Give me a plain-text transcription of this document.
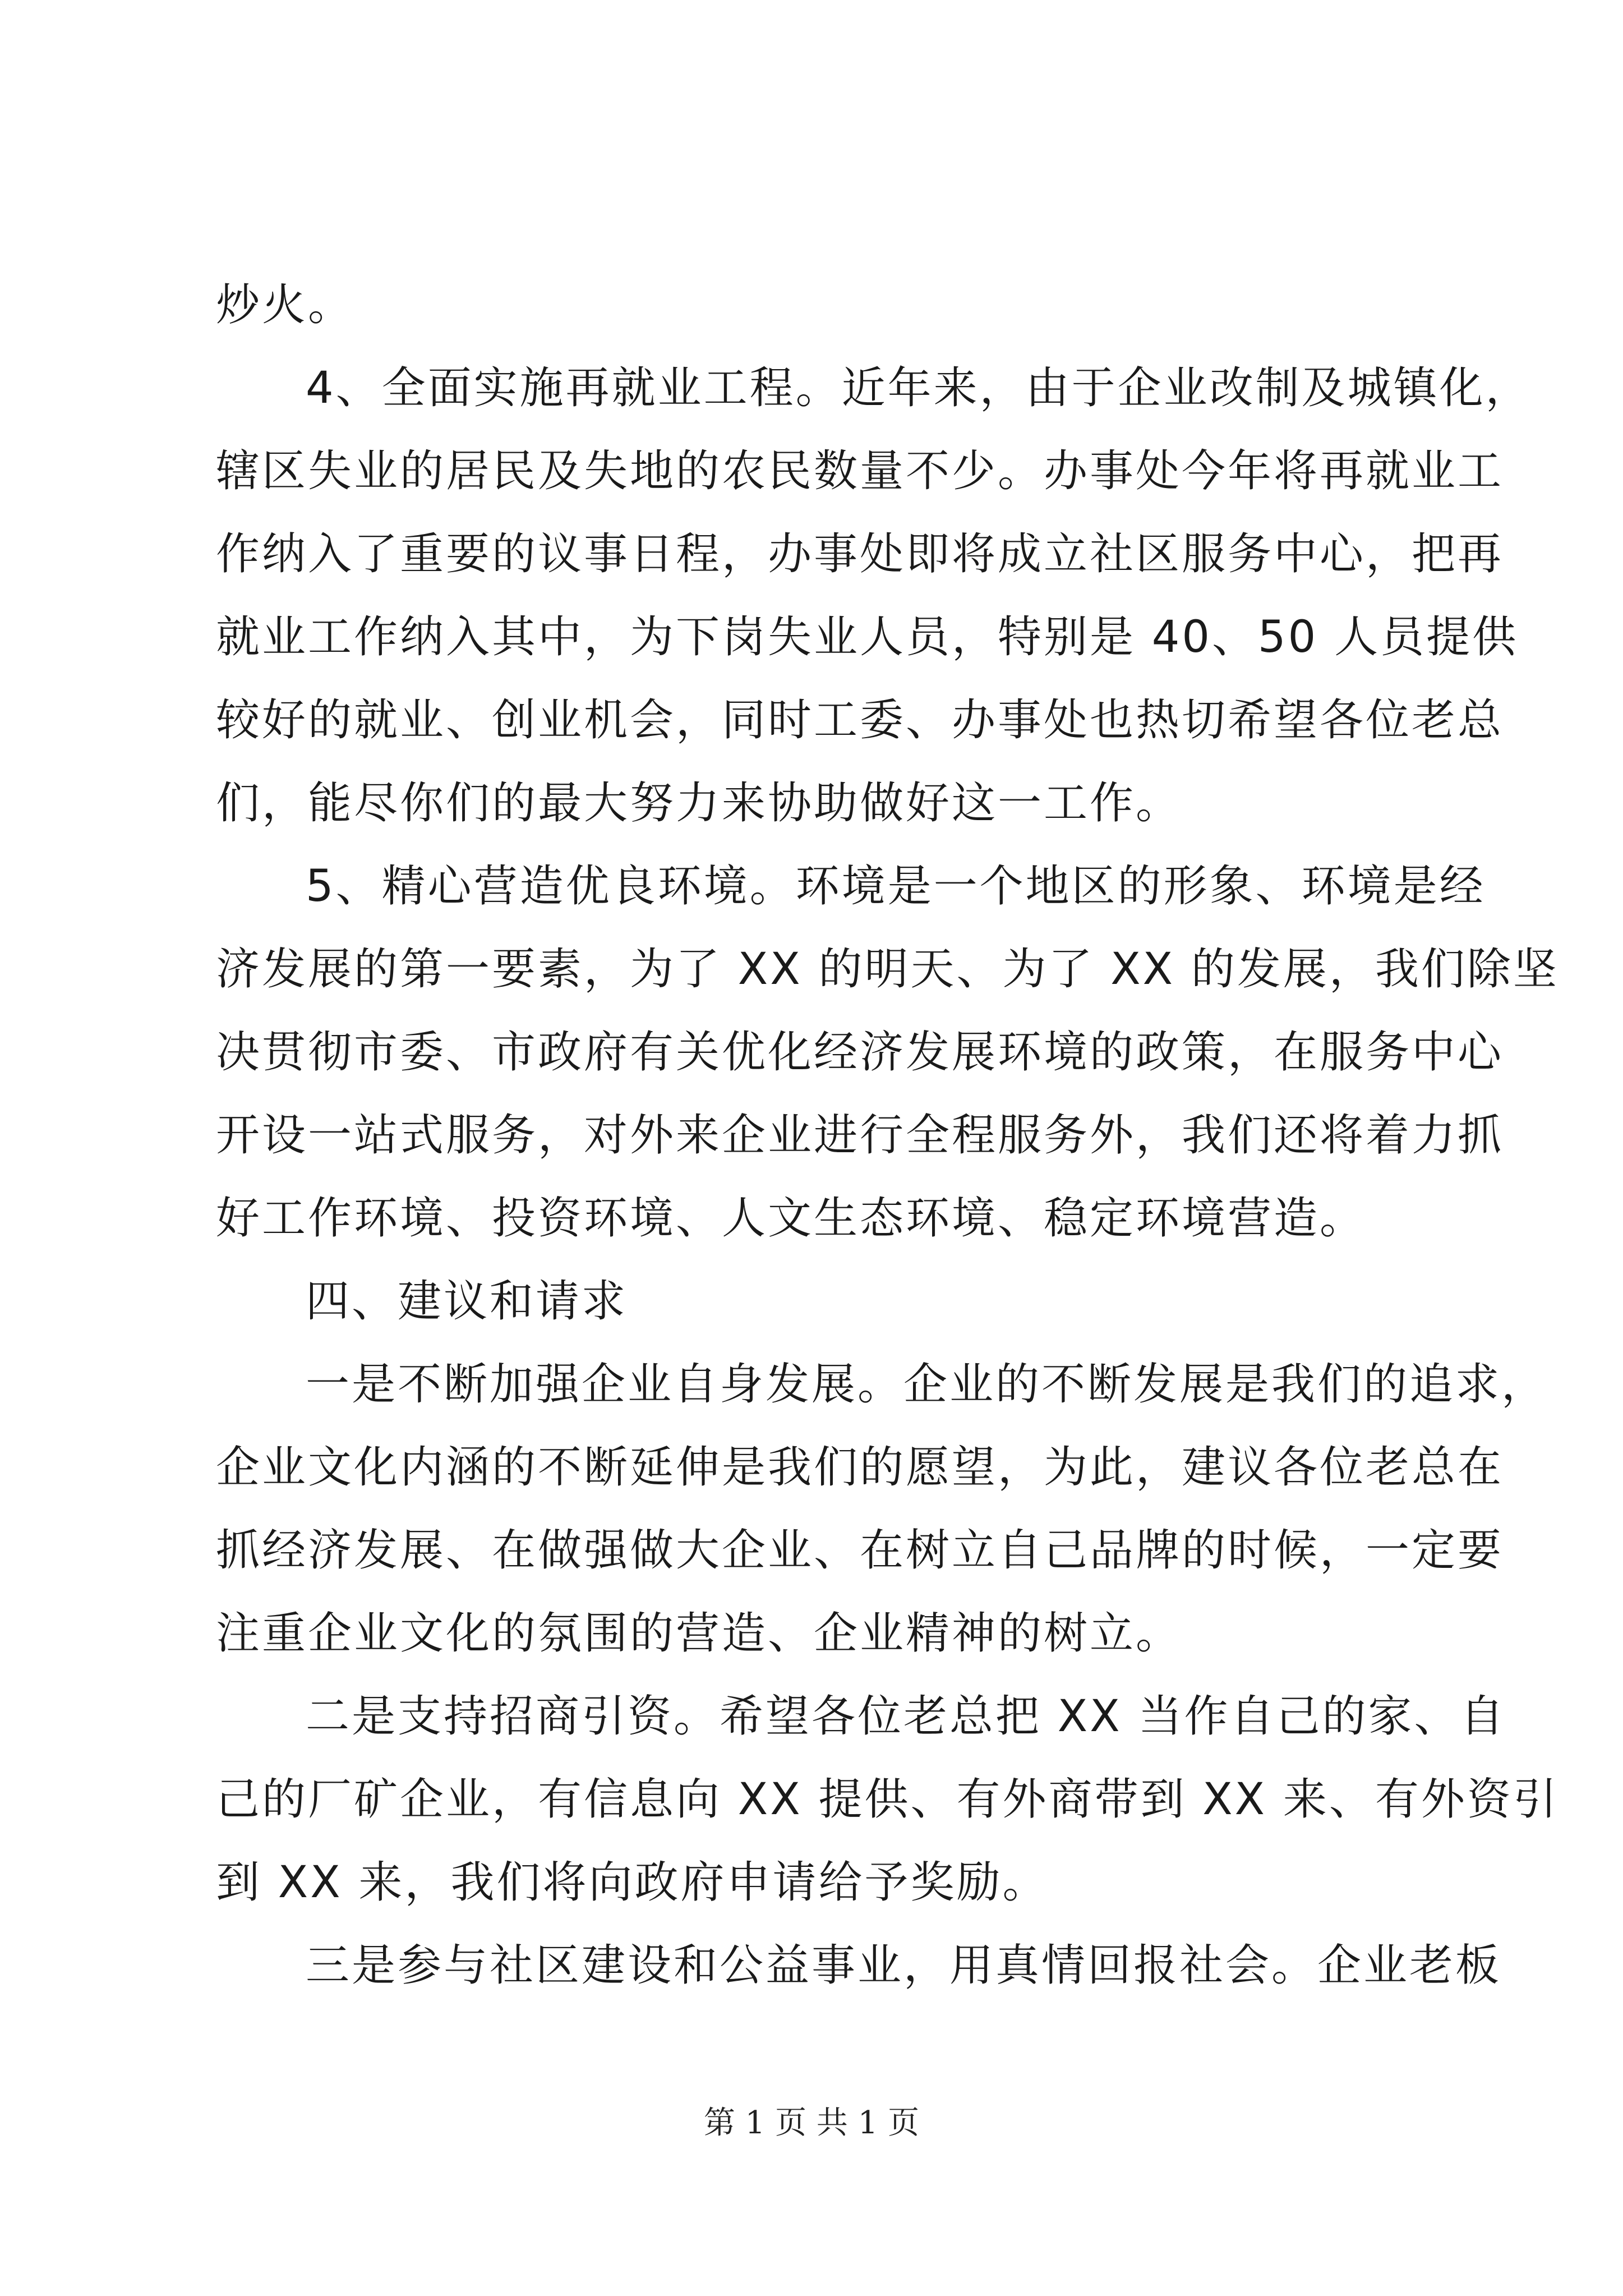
炒火。
4、全面实施再就业工程。近年来，由于企业改制及城镇化，
辖区失业的居民及失地的农民数量不少。办事处今年将再就业工
作纳入了重要的议事日程，办事处即将成立社区服务中心，把再
就业工作纳入其中，为下岗失业人员，特别是 40、50 人员提供
较好的就业、创业机会，同时工委、办事处也热切希望各位老总
们，能尽你们的最大努力来协助做好这一工作。
5、精心营造优良环境。环境是一个地区的形象、环境是经
济发展的第一要素，为了 XX 的明天、为了 XX 的发展，我们除坚
决贯彻市委、市政府有关优化经济发展环境的政策，在服务中心
开设一站式服务，对外来企业进行全程服务外，我们还将着力抓
好工作环境、投资环境、人文生态环境、稳定环境营造。
四、建议和请求
一是不断加强企业自身发展。企业的不断发展是我们的追求，
企业文化内涵的不断延伸是我们的愿望，为此，建议各位老总在
抓经济发展、在做强做大企业、在树立自己品牌的时候，一定要
注重企业文化的氛围的营造、企业精神的树立。
二是支持招商引资。希望各位老总把 XX 当作自己的家、自
己的厂矿企业，有信息向 XX 提供、有外商带到 XX 来、有外资引
到 XX 来，我们将向政府申请给予奖励。
三是参与社区建设和公益事业，用真情回报社会。企业老板
第 1 页 共 1 页
